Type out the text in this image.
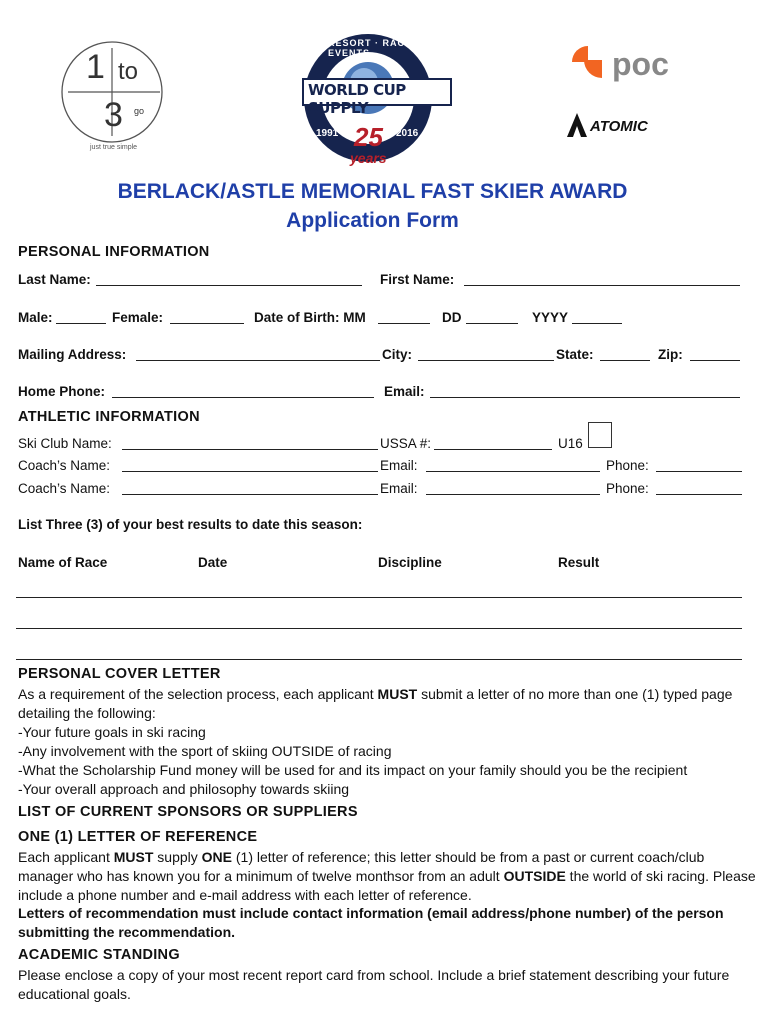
1 to
3 go
just true simple
RESORT · RACE · EVENTS
WORLD CUP SUPPLY
1991	2016
25
years
poc
ATOMIC
BERLACK/ASTLE MEMORIAL FAST SKIER AWARD
Application Form
PERSONAL INFORMATION
Last Name:	First Name:
Male:	Female:	Date of Birth: MM	DD	YYYY
Mailing Address:	City:	State:	Zip:
Home Phone:	Email:
ATHLETIC INFORMATION
Ski Club Name:	USSA #:	U16
Coach’s Name:	Email:	Phone:
Coach’s Name:	Email:	Phone:
List Three (3) of your best results to date this season:
Name of Race	Date	Discipline	Result
PERSONAL COVER LETTER
As a requirement of the selection process, each applicant MUST submit a letter of no more than one (1) typed page detailing the following:
-Your future goals in ski racing
-Any involvement with the sport of skiing OUTSIDE of racing
-What the Scholarship Fund money will be used for and its impact on your family should you be the recipient
-Your overall approach and philosophy towards skiing
LIST OF CURRENT SPONSORS OR SUPPLIERS
ONE (1) LETTER OF REFERENCE
Each applicant MUST supply ONE (1) letter of reference; this letter should be from a past or current coach/club manager who has known you for a minimum of twelve monthsor from an adult OUTSIDE the world of ski racing. Please include a phone number and e-mail address with each letter of reference.
Letters of recommendation must include contact information (email address/phone number) of the person submitting the recommendation.
ACADEMIC STANDING
Please enclose a copy of your most recent report card from school. Include a brief statement describing your future educational goals.
